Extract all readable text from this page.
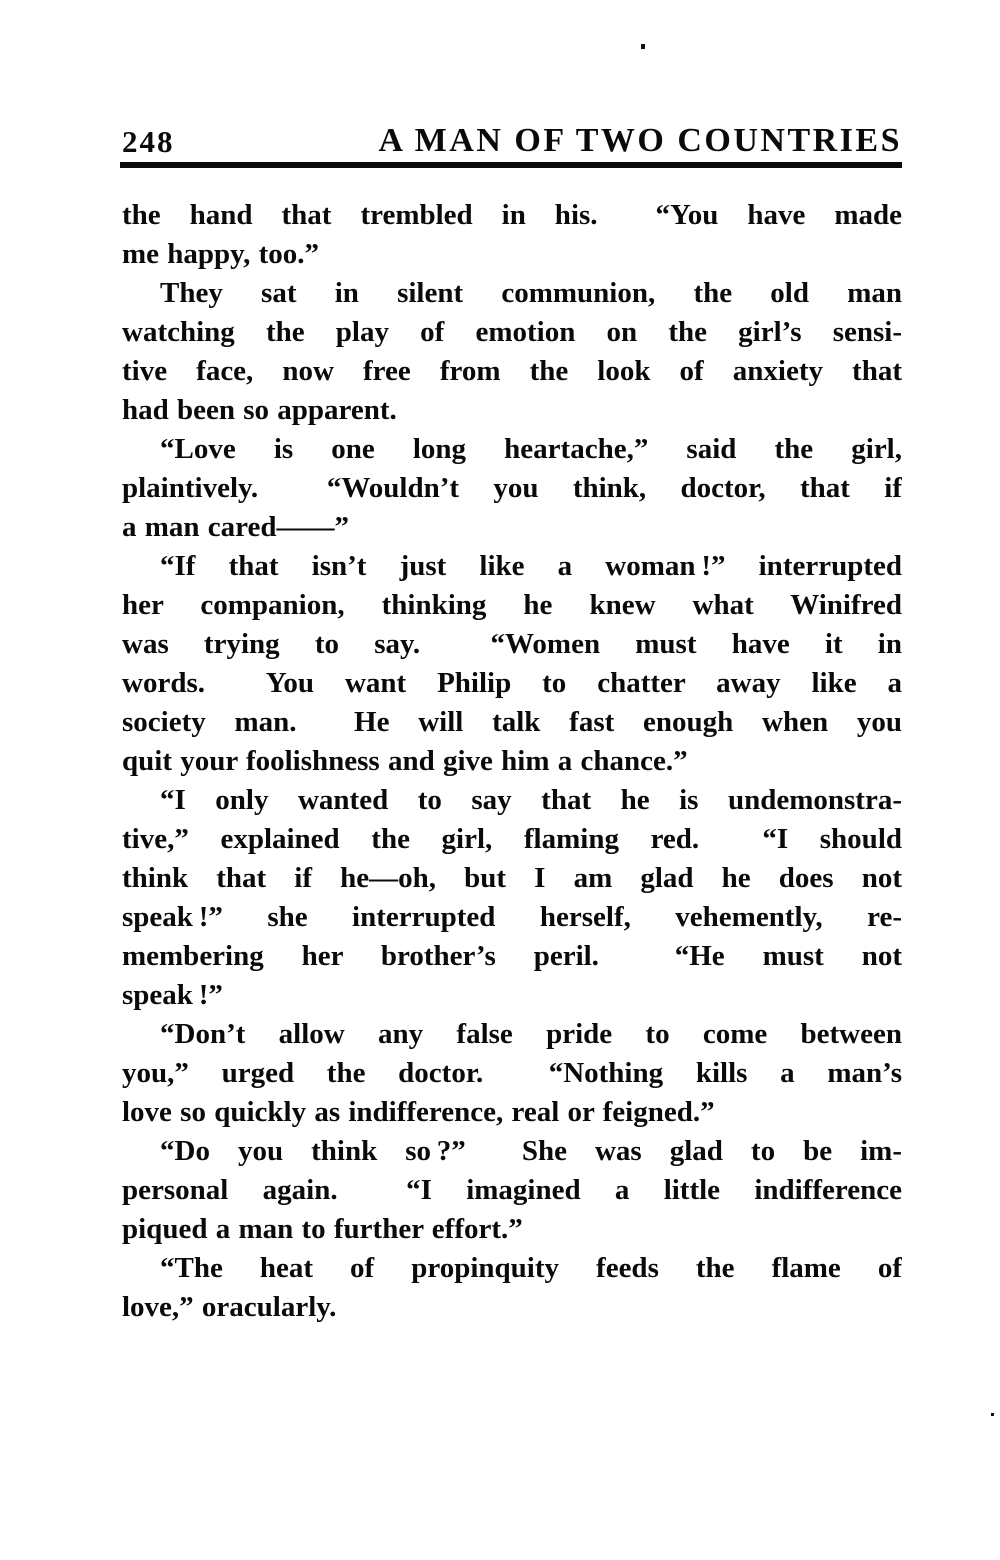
248	A MAN OF TWO COUNTRIES
the hand that trembled in his.  “You have made
me happy, too.”
They sat in silent communion, the old man
watching the play of emotion on the girl’s sensi-
tive face, now free from the look of anxiety that
had been so apparent.
“Love is one long heartache,” said the girl,
plaintively.  “Wouldn’t you think, doctor, that if
a man cared——”
“If that isn’t just like a woman !” interrupted
her companion, thinking he knew what Winifred
was trying to say.  “Women must have it in
words.  You want Philip to chatter away like a
society man.  He will talk fast enough when you
quit your foolishness and give him a chance.”
“I only wanted to say that he is undemonstra-
tive,” explained the girl, flaming red.  “I should
think that if he—oh, but I am glad he does not
speak !” she interrupted herself, vehemently, re-
membering her brother’s peril.  “He must not
speak !”
“Don’t allow any false pride to come between
you,” urged the doctor.  “Nothing kills a man’s
love so quickly as indifference, real or feigned.”
“Do you think so ?”  She was glad to be im-
personal again.  “I imagined a little indifference
piqued a man to further effort.”
“The heat of propinquity feeds the flame of
love,” oracularly.
